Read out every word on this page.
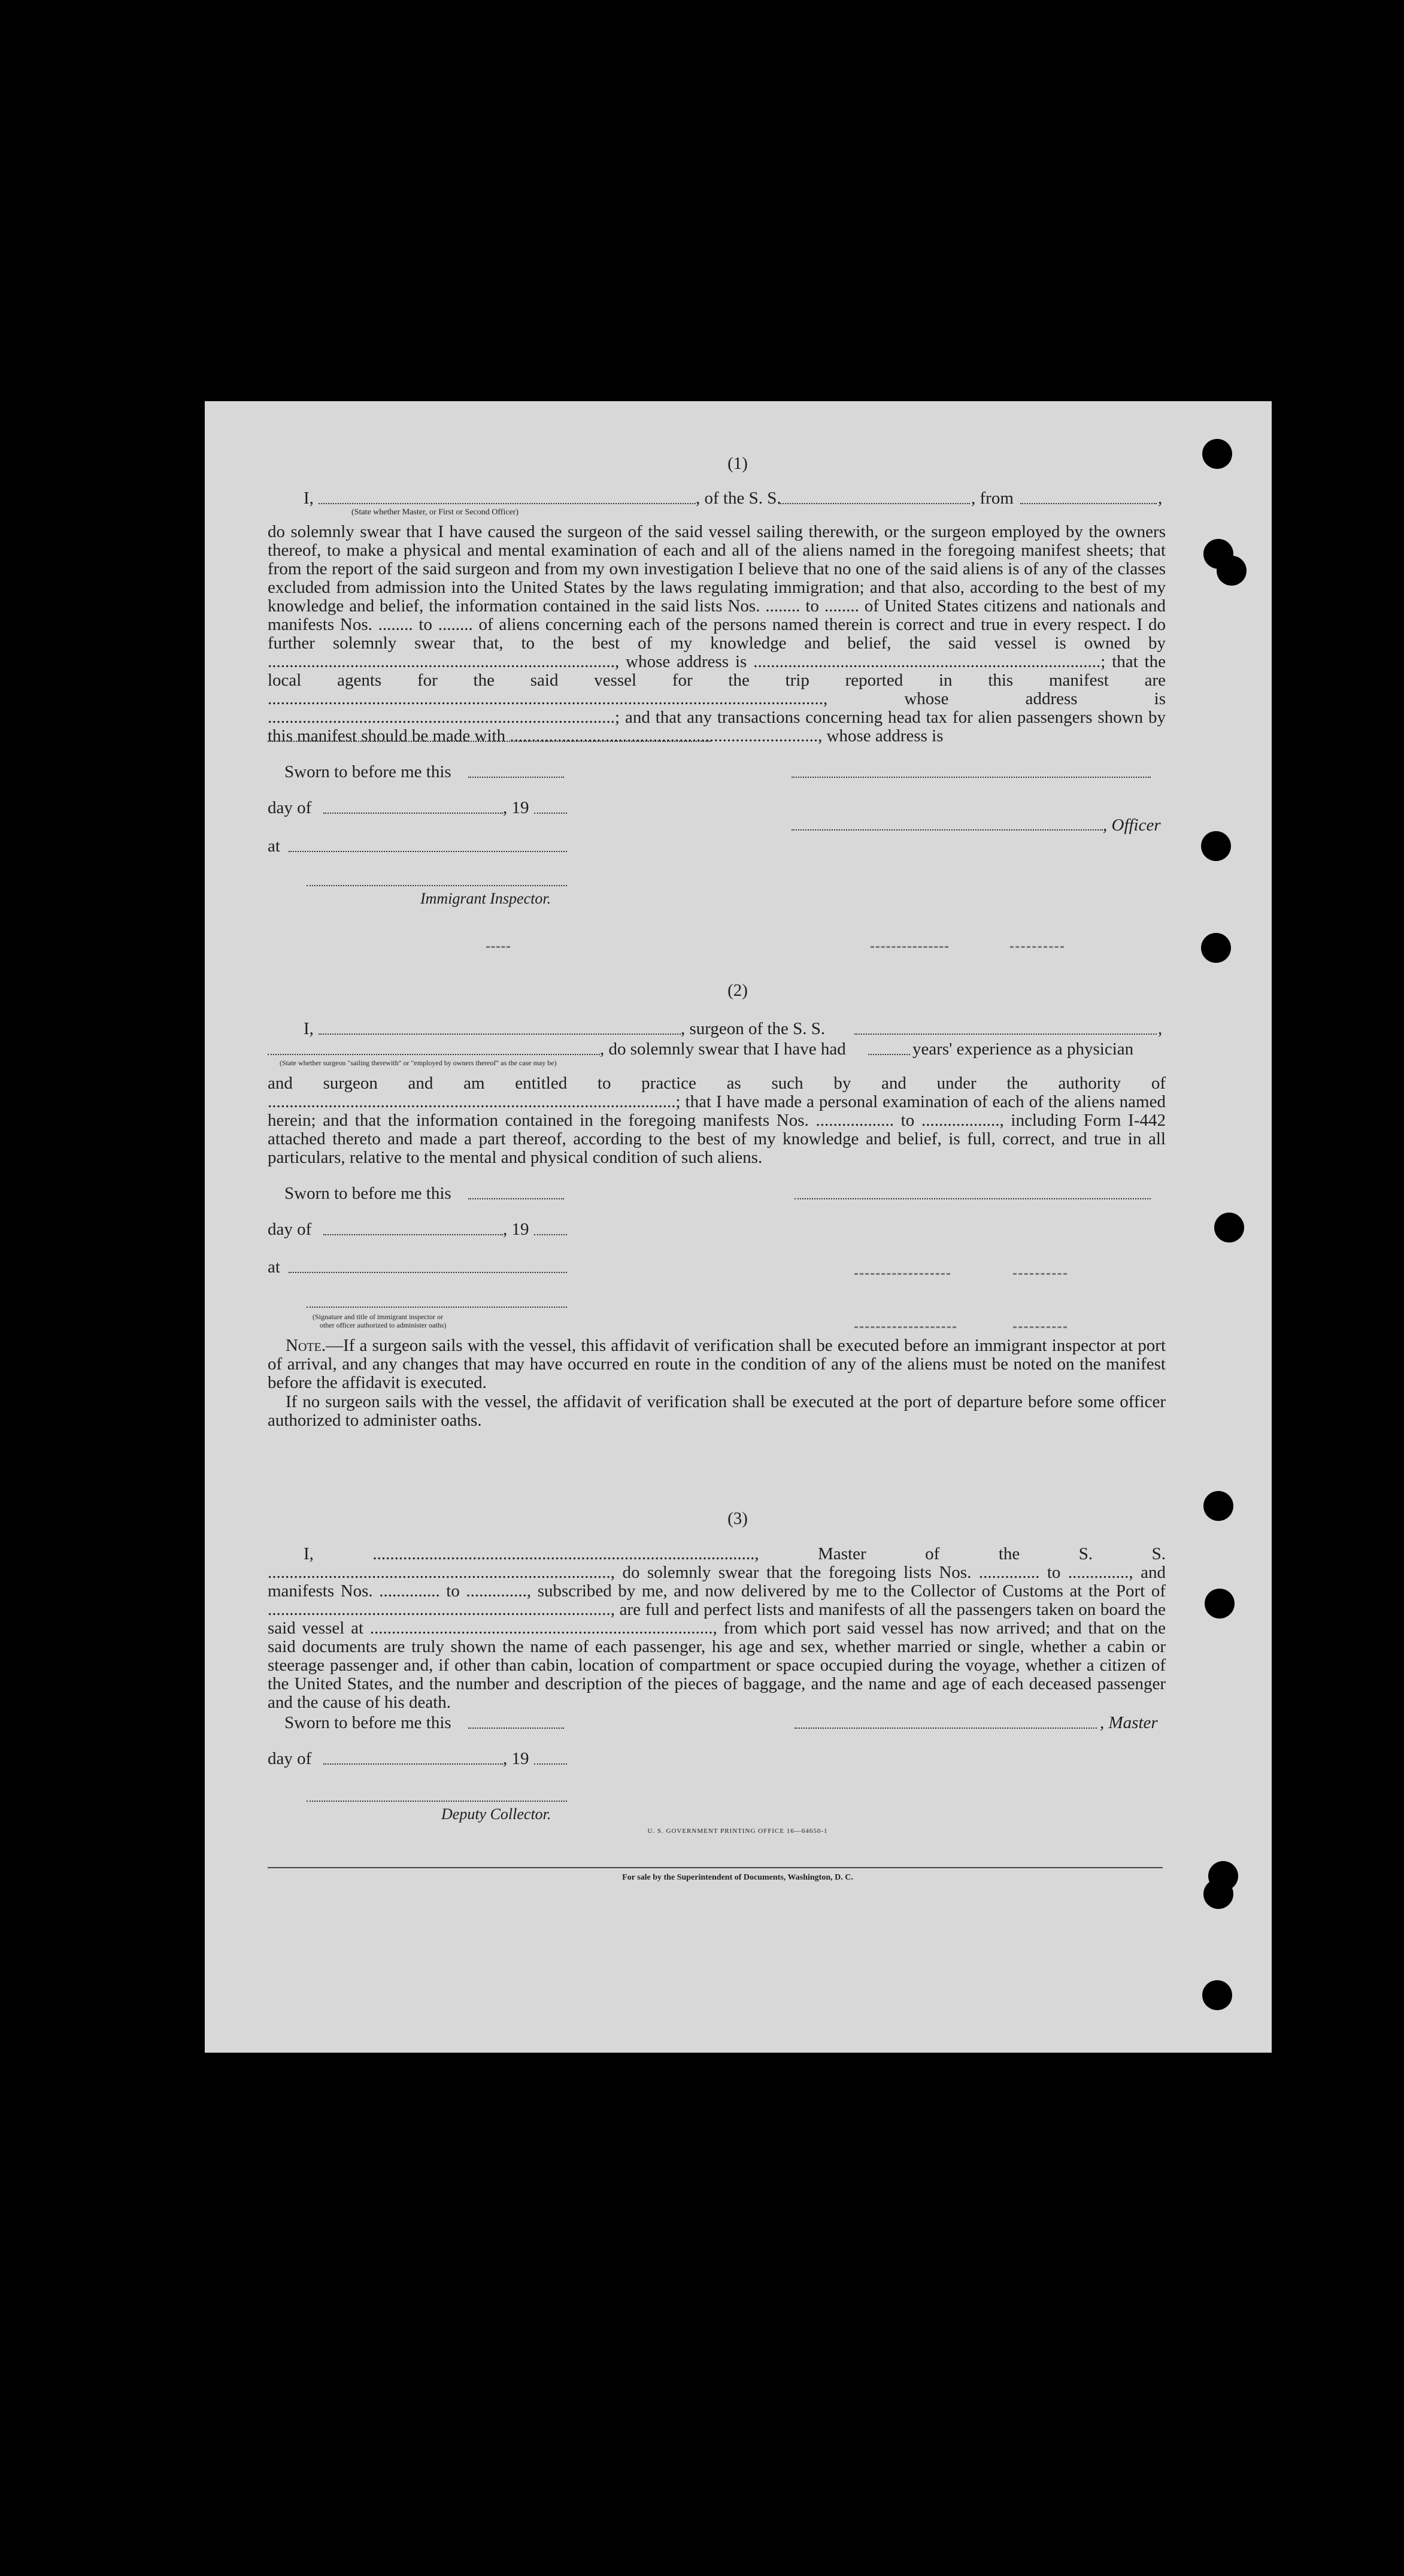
(1)
I,	, of the S. S.	, from	,
(State whether Master, or First or Second Officer)
do solemnly swear that I have caused the surgeon of the said vessel sailing therewith, or the surgeon employed by the owners thereof, to make a physical and mental examination of each and all of the aliens named in the foregoing manifest sheets; that from the report of the said surgeon and from my own investigation I believe that no one of the said aliens is of any of the classes excluded from admission into the United States by the laws regulating immigration; and that also, according to the best of my knowledge and belief, the information contained in the said lists Nos. ........ to ........ of United States citizens and nationals and manifests Nos. ........ to ........ of aliens concerning each of the persons named therein is correct and true in every respect. I do further solemnly swear that, to the best of my knowledge and belief, the said vessel is owned by ................................................................................, whose address is ................................................................................; that the local agents for the said vessel for the trip reported in this manifest are ................................................................................................................................, whose address is ................................................................................; and that any transactions concerning head tax for alien passengers shown by this manifest should be made with ......................................................................., whose address is
Sworn to before me this
day of	, 19
, Officer
at
Immigrant Inspector.
(2)
I,	, surgeon of the S. S.	,
, do solemnly swear that I have had	years' experience as a physician
(State whether surgeon "sailing therewith" or "employed by owners thereof" as the case may be)
and surgeon and am entitled to practice as such by and under the authority of ..............................................................................................; that I have made a personal examination of each of the aliens named herein; and that the information contained in the foregoing manifests Nos. .................. to .................., including Form I-442 attached thereto and made a part thereof, according to the best of my knowledge and belief, is full, correct, and true in all particulars, relative to the mental and physical condition of such aliens.
Sworn to before me this
day of	, 19
at
(Signature and title of immigrant inspector or
other officer authorized to administer oaths)
Note.—If a surgeon sails with the vessel, this affidavit of verification shall be executed before an immigrant inspector at port of arrival, and any changes that may have occurred en route in the condition of any of the aliens must be noted on the manifest before the affidavit is executed.
If no surgeon sails with the vessel, the affidavit of verification shall be executed at the port of departure before some officer authorized to administer oaths.
(3)
I, ........................................................................................, Master of the S. S. ..............................................................................., do solemnly swear that the foregoing lists Nos. .............. to .............., and manifests Nos. .............. to .............., subscribed by me, and now delivered by me to the Collector of Customs at the Port of ..............................................................................., are full and perfect lists and manifests of all the passengers taken on board the said vessel at ..............................................................................., from which port said vessel has now arrived; and that on the said documents are truly shown the name of each passenger, his age and sex, whether married or single, whether a cabin or steerage passenger and, if other than cabin, location of compartment or space occupied during the voyage, whether a citizen of the United States, and the number and description of the pieces of baggage, and the name and age of each deceased passenger and the cause of his death.
Sworn to before me this	, Master
day of	, 19
Deputy Collector.
U. S. GOVERNMENT PRINTING OFFICE 16—64650-1
For sale by the Superintendent of Documents, Washington, D. C.
